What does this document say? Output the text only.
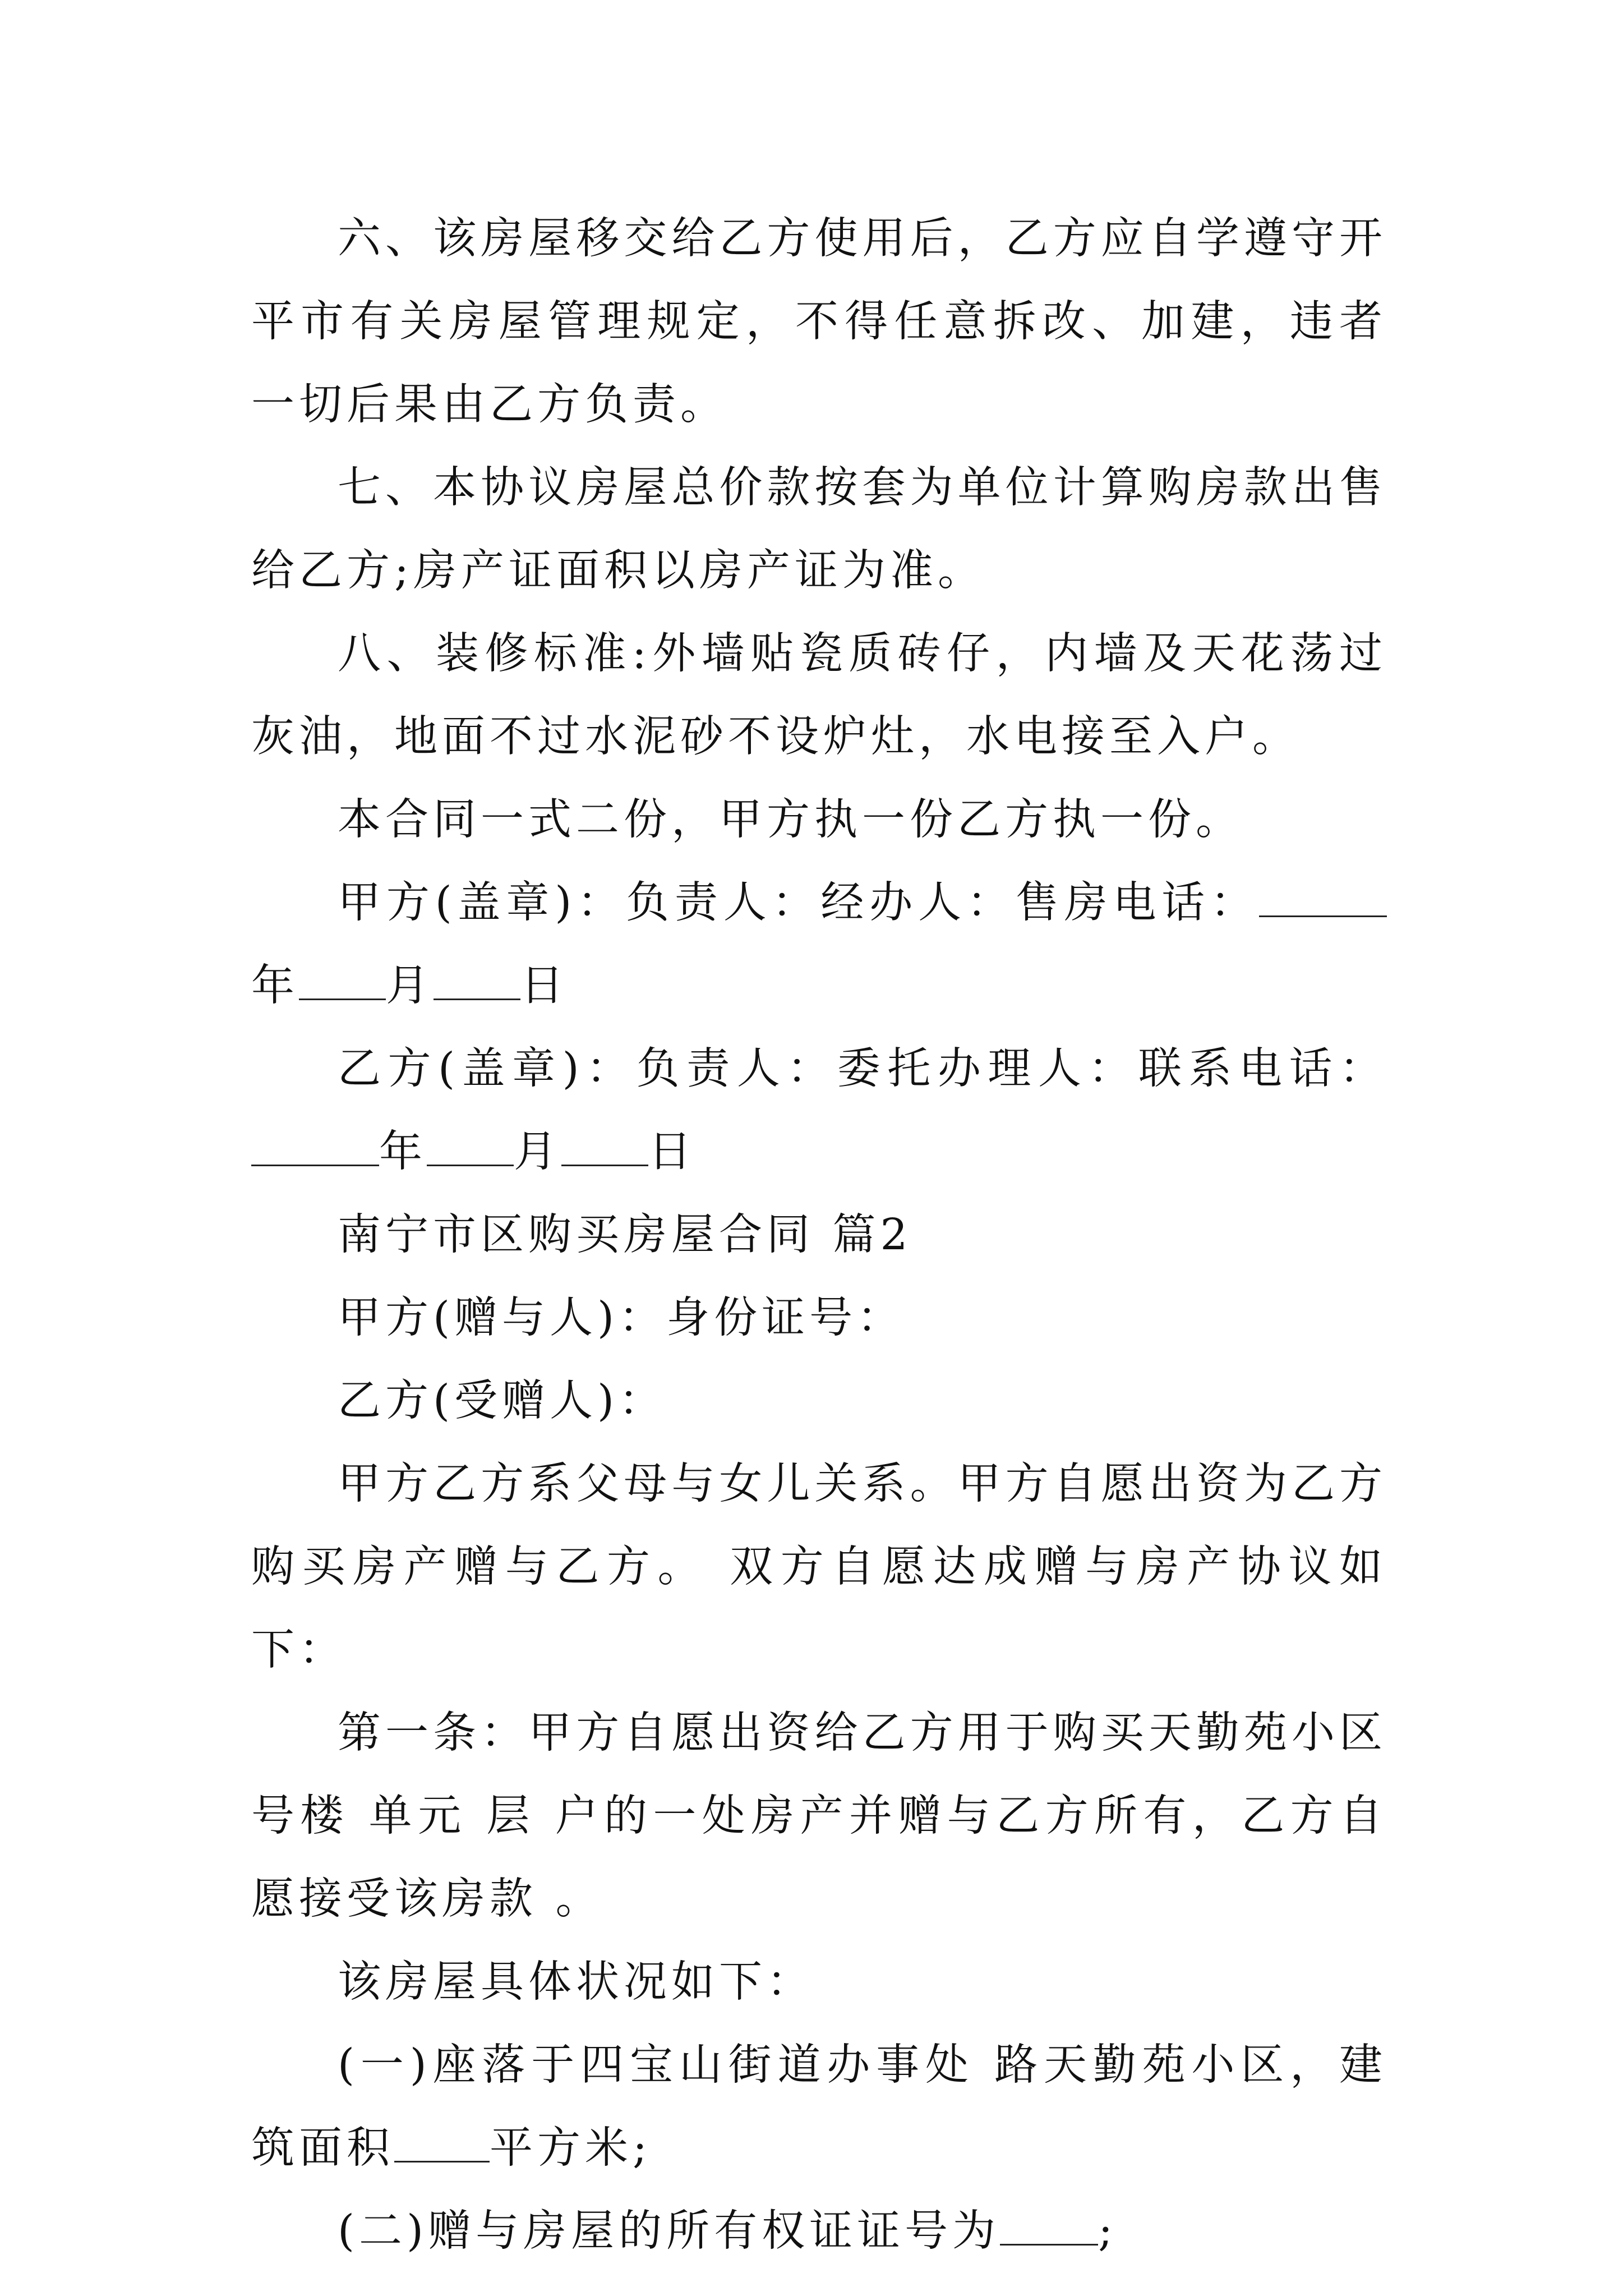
六、该房屋移交给乙方使用后，乙方应自学遵守开平市有关房屋管理规定，不得任意拆改、加建，违者一切后果由乙方负责。

七、本协议房屋总价款按套为单位计算购房款出售给乙方;房产证面积以房产证为准。

八、装修标准:外墙贴瓷质砖仔，内墙及天花荡过灰油，地面不过水泥砂不设炉灶，水电接至入户。

本合同一式二份，甲方执一份乙方执一份。

甲方(盖章)：负责人：经办人：售房电话：年 月 日

乙方(盖章)：负责人：委托办理人：联系电话：年 月 日

南宁市区购买房屋合同 篇2

甲方(赠与人)：身份证号：

乙方(受赠人)：

甲方乙方系父母与女儿关系。甲方自愿出资为乙方购买房产赠与乙方。 双方自愿达成赠与房产协议如下：

第一条：甲方自愿出资给乙方用于购买天勤苑小区号楼 单元 层 户的一处房产并赠与乙方所有，乙方自愿接受该房款 。

该房屋具体状况如下：

(一)座落于四宝山街道办事处 路天勤苑小区，建筑面积 平方米;

(二)赠与房屋的所有权证证号为 ;
